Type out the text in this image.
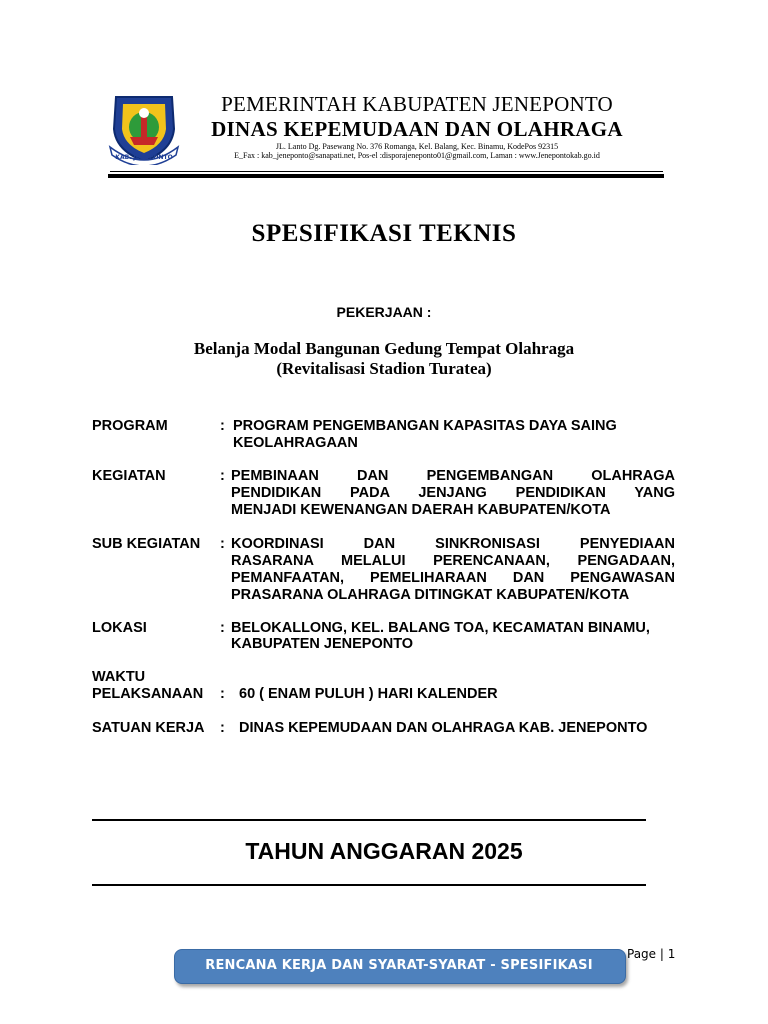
KAB. JENEPONTO
PEMERINTAH KABUPATEN JENEPONTO
DINAS KEPEMUDAAN DAN OLAHRAGA
JL. Lanto Dg. Pasewang No. 376 Romanga, Kel. Balang, Kec. Binamu, KodePos 92315
E_Fax : kab_jeneponto@sanapati.net, Pos-el :disporajeneponto01@gmail.com, Laman : www.Jenepontokab.go.id
SPESIFIKASI TEKNIS
PEKERJAAN :
Belanja Modal Bangunan Gedung Tempat Olahraga
(Revitalisasi Stadion Turatea)
PROGRAM	: PROGRAM PENGEMBANGAN KAPASITAS DAYA SAING
KEOLAHRAGAAN
KEGIATAN	: PEMBINAAN DAN PENGEMBANGAN OLAHRAGA
PENDIDIKAN PADA JENJANG PENDIDIKAN YANG
MENJADI KEWENANGAN DAERAH KABUPATEN/KOTA
SUB KEGIATAN : KOORDINASI DAN SINKRONISASI PENYEDIAAN
RASARANA MELALUI PERENCANAAN, PENGADAAN,
PEMANFAATAN, PEMELIHARAAN DAN PENGAWASAN
PRASARANA OLAHRAGA DITINGKAT KABUPATEN/KOTA
LOKASI	: BELOKALLONG, KEL. BALANG TOA, KECAMATAN BINAMU,
KABUPATEN JENEPONTO
WAKTU
PELAKSANAAN : 60 ( ENAM PULUH ) HARI KALENDER
SATUAN KERJA : DINAS KEPEMUDAAN DAN OLAHRAGA KAB. JENEPONTO
TAHUN ANGGARAN 2025
RENCANA KERJA DAN SYARAT-SYARAT - SPESIFIKASI
Page | 1
